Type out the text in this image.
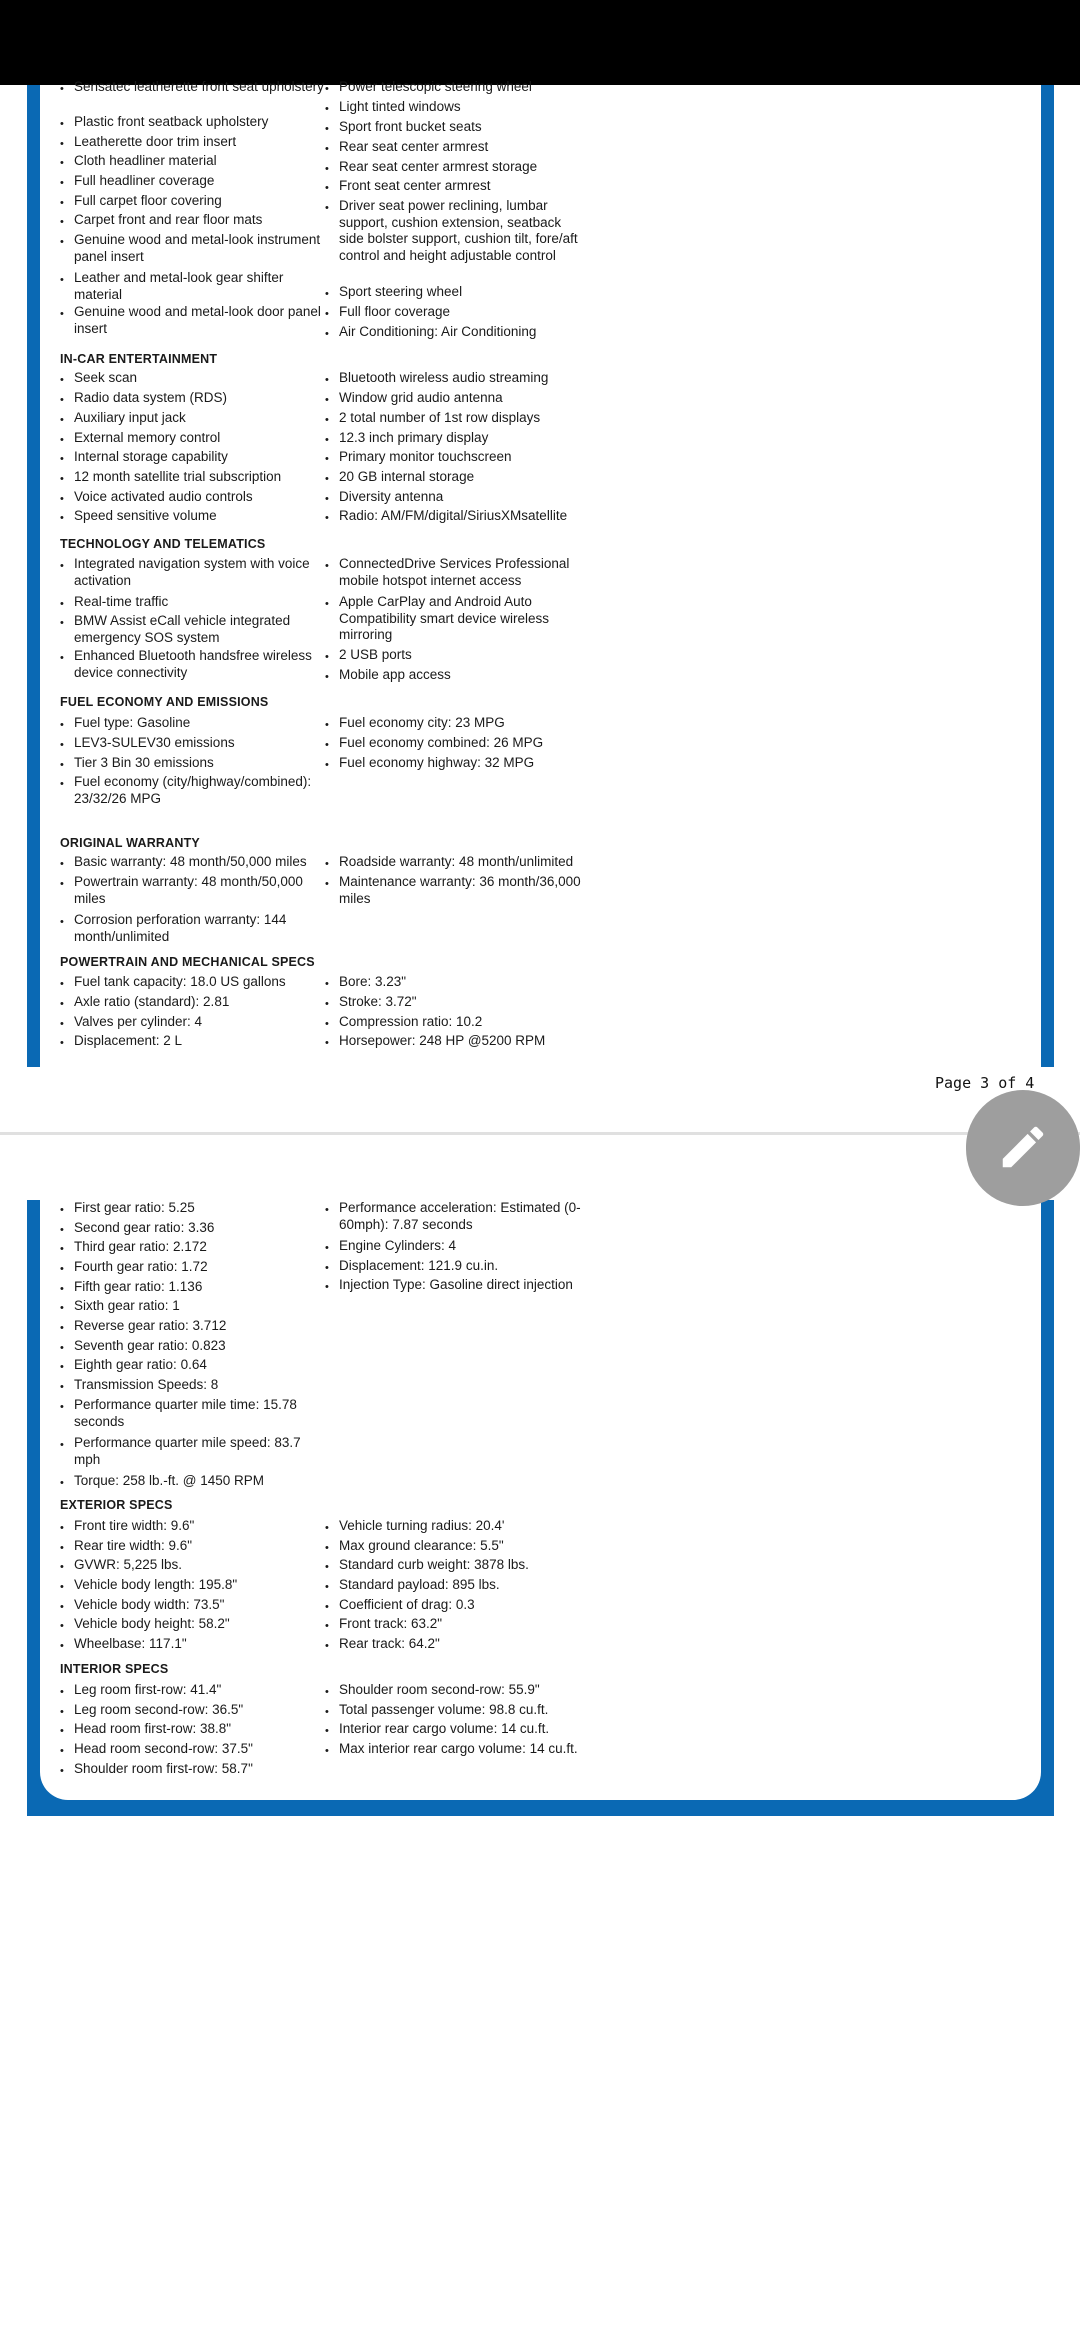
• Sensatec leatherette front seat upholstery • Power telescopic steering wheel
• Plastic front seatback upholstery
• Light tinted windows
• Leatherette door trim insert
• Sport front bucket seats
• Cloth headliner material
• Rear seat center armrest
• Full headliner coverage
• Rear seat center armrest storage
• Full carpet floor covering
• Front seat center armrest
• Carpet front and rear floor mats
• Driver seat power reclining, lumbar support, cushion extension, seatback side bolster support, cushion tilt, fore/aft control and height adjustable control
• Genuine wood and metal-look instrument panel insert
• Sport steering wheel
• Leather and metal-look gear shifter material
• Full floor coverage
• Genuine wood and metal-look door panel insert	• Air Conditioning: Air Conditioning
IN-CAR ENTERTAINMENT
• Seek scan	• Bluetooth wireless audio streaming
• Radio data system (RDS)	• Window grid audio antenna
• Auxiliary input jack	• 2 total number of 1st row displays
• External memory control	• 12.3 inch primary display
• Internal storage capability	• Primary monitor touchscreen
• 12 month satellite trial subscription	• 20 GB internal storage
• Voice activated audio controls	• Diversity antenna
• Speed sensitive volume	• Radio: AM/FM/digital/SiriusXMsatellite
TECHNOLOGY AND TELEMATICS
• Integrated navigation system with voice activation
• ConnectedDrive Services Professional mobile hotspot internet access
• Real-time traffic	• Apple CarPlay and Android Auto Compatibility smart device wireless mirroring
• BMW Assist eCall vehicle integrated emergency SOS system
• 2 USB ports
• Enhanced Bluetooth handsfree wireless device connectivity	• Mobile app access
FUEL ECONOMY AND EMISSIONS
• Fuel type: Gasoline	• Fuel economy city: 23 MPG
• LEV3-SULEV30 emissions	• Fuel economy combined: 26 MPG
• Tier 3 Bin 30 emissions	• Fuel economy highway: 32 MPG
• Fuel economy (city/highway/combined): 23/32/26 MPG
ORIGINAL WARRANTY
• Basic warranty: 48 month/50,000 miles	• Roadside warranty: 48 month/unlimited
• Powertrain warranty: 48 month/50,000 miles
• Maintenance warranty: 36 month/36,000 miles
• Corrosion perforation warranty: 144 month/unlimited
POWERTRAIN AND MECHANICAL SPECS
• Fuel tank capacity: 18.0 US gallons	• Bore: 3.23"
• Axle ratio (standard): 2.81	• Stroke: 3.72"
• Valves per cylinder: 4	• Compression ratio: 10.2
• Displacement: 2 L	• Horsepower: 248 HP @5200 RPM
Page 3 of 4
• First gear ratio: 5.25	• Performance acceleration: Estimated (0-60mph): 7.87 seconds
• Second gear ratio: 3.36
• Engine Cylinders: 4
• Third gear ratio: 2.172
• Displacement: 121.9 cu.in.
• Fourth gear ratio: 1.72
• Injection Type: Gasoline direct injection
• Fifth gear ratio: 1.136
• Sixth gear ratio: 1
• Reverse gear ratio: 3.712
• Seventh gear ratio: 0.823
• Eighth gear ratio: 0.64
• Transmission Speeds: 8
• Performance quarter mile time: 15.78 seconds
• Performance quarter mile speed: 83.7 mph
• Torque: 258 lb.-ft. @ 1450 RPM
EXTERIOR SPECS
• Front tire width: 9.6"	• Vehicle turning radius: 20.4'
• Rear tire width: 9.6"	• Max ground clearance: 5.5"
• GVWR: 5,225 lbs.	• Standard curb weight: 3878 lbs.
• Vehicle body length: 195.8"	• Standard payload: 895 lbs.
• Vehicle body width: 73.5"	• Coefficient of drag: 0.3
• Vehicle body height: 58.2"	• Front track: 63.2"
• Wheelbase: 117.1"	• Rear track: 64.2"
INTERIOR SPECS
• Leg room first-row: 41.4"	• Shoulder room second-row: 55.9"
• Leg room second-row: 36.5"	• Total passenger volume: 98.8 cu.ft.
• Head room first-row: 38.8"	• Interior rear cargo volume: 14 cu.ft.
• Head room second-row: 37.5"	• Max interior rear cargo volume: 14 cu.ft.
• Shoulder room first-row: 58.7"
